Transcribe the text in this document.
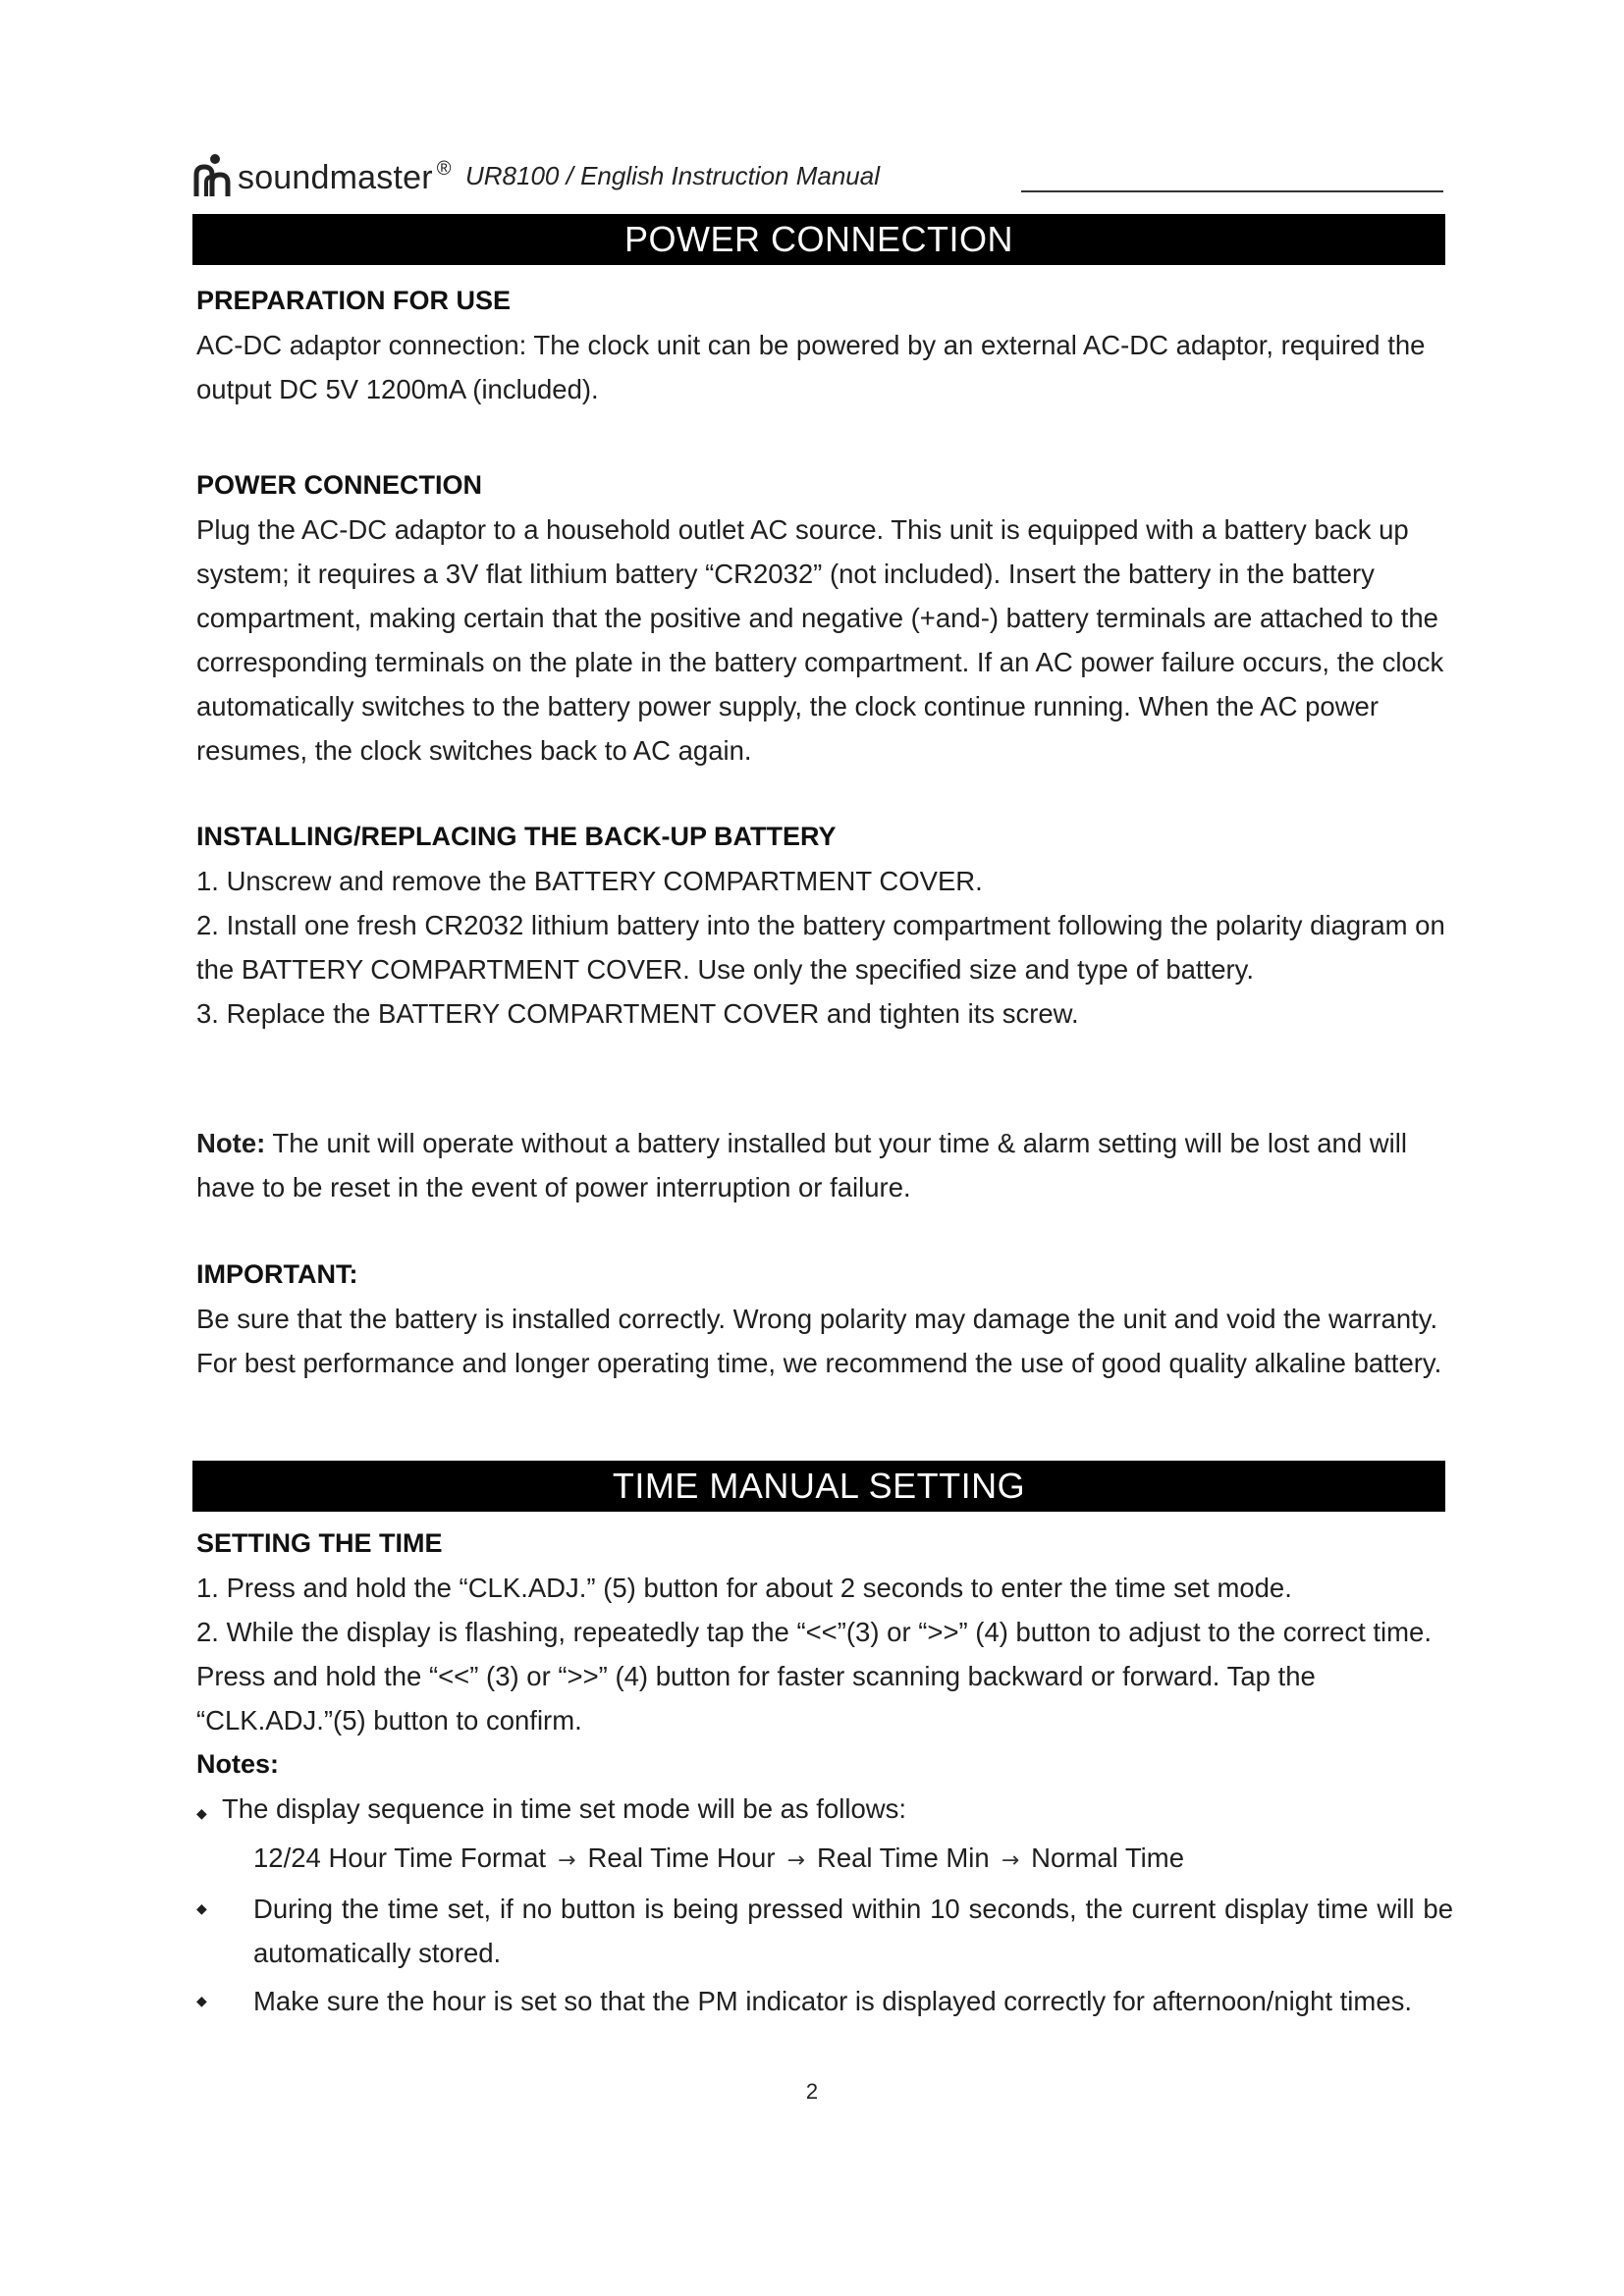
soundmaster ® UR8100 / English Instruction Manual
POWER CONNECTION

PREPARATION FOR USE

AC-DC adaptor connection: The clock unit can be powered by an external AC-DC adaptor, required the output DC 5V 1200mA (included).

POWER CONNECTION

Plug the AC-DC adaptor to a household outlet AC source. This unit is equipped with a battery back up system; it requires a 3V flat lithium battery “CR2032” (not included). Insert the battery in the battery compartment, making certain that the positive and negative (+and-) battery terminals are attached to the corresponding terminals on the plate in the battery compartment. If an AC power failure occurs, the clock automatically switches to the battery power supply, the clock continue running. When the AC power resumes, the clock switches back to AC again.

INSTALLING/REPLACING THE BACK-UP BATTERY

1. Unscrew and remove the BATTERY COMPARTMENT COVER.

2. Install one fresh CR2032 lithium battery into the battery compartment following the polarity diagram on the BATTERY COMPARTMENT COVER. Use only the specified size and type of battery.

3. Replace the BATTERY COMPARTMENT COVER and tighten its screw.

Note: The unit will operate without a battery installed but your time & alarm setting will be lost and will have to be reset in the event of power interruption or failure.

IMPORTANT:

Be sure that the battery is installed correctly. Wrong polarity may damage the unit and void the warranty. For best performance and longer operating time, we recommend the use of good quality alkaline battery.

TIME MANUAL SETTING

SETTING THE TIME

1. Press and hold the “CLK.ADJ.” (5) button for about 2 seconds to enter the time set mode.

2. While the display is flashing, repeatedly tap the “<<”(3) or “>>” (4) button to adjust to the correct time. Press and hold the “<<” (3) or “>>” (4) button for faster scanning backward or forward. Tap the “CLK.ADJ.”(5) button to confirm.

Notes:

◆ The display sequence in time set mode will be as follows:

12/24 Hour Time Format → Real Time Hour → Real Time Min → Normal Time

◆	During the time set, if no button is being pressed within 10 seconds, the current display time will be automatically stored.

◆	Make sure the hour is set so that the PM indicator is displayed correctly for afternoon/night times.

2
